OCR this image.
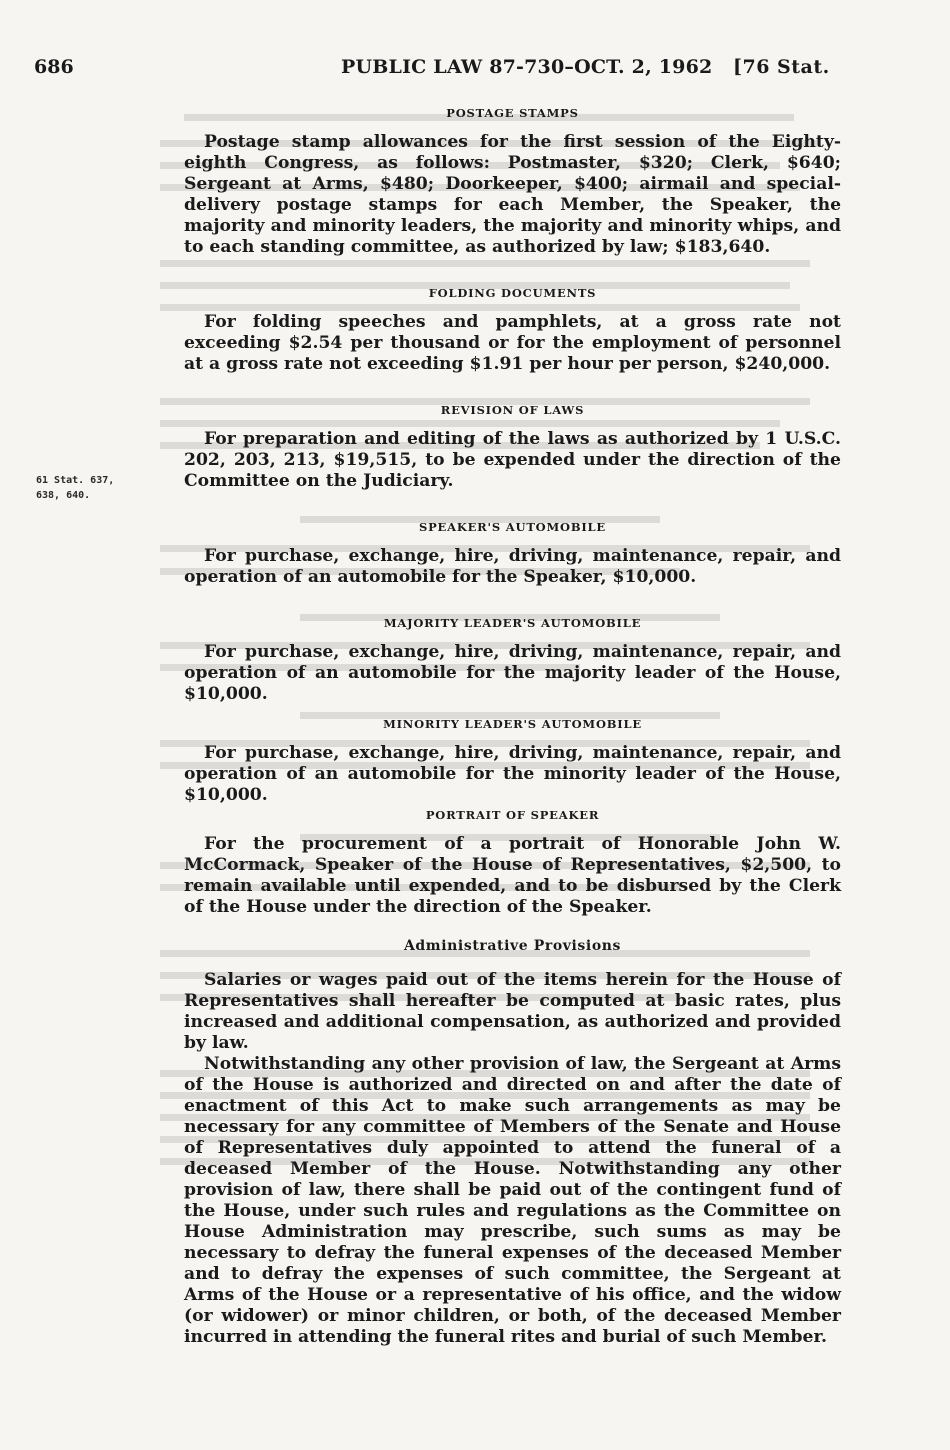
686	PUBLIC LAW 87-730–OCT. 2, 1962 [76 Stat.
61 Stat. 637,
638, 640.
POSTAGE STAMPS

Postage stamp allowances for the first session of the Eighty-eighth Congress, as follows: Postmaster, $320; Clerk, $640; Sergeant at Arms, $480; Doorkeeper, $400; airmail and special-delivery postage stamps for each Member, the Speaker, the majority and minority leaders, the majority and minority whips, and to each standing committee, as authorized by law; $183,640.

FOLDING DOCUMENTS

For folding speeches and pamphlets, at a gross rate not exceeding $2.54 per thousand or for the employment of personnel at a gross rate not exceeding $1.91 per hour per person, $240,000.

REVISION OF LAWS

For preparation and editing of the laws as authorized by 1 U.S.C. 202, 203, 213, $19,515, to be expended under the direction of the Committee on the Judiciary.

SPEAKER'S AUTOMOBILE

For purchase, exchange, hire, driving, maintenance, repair, and operation of an automobile for the Speaker, $10,000.

MAJORITY LEADER'S AUTOMOBILE

For purchase, exchange, hire, driving, maintenance, repair, and operation of an automobile for the majority leader of the House, $10,000.

MINORITY LEADER'S AUTOMOBILE

For purchase, exchange, hire, driving, maintenance, repair, and operation of an automobile for the minority leader of the House, $10,000.

PORTRAIT OF SPEAKER

For the procurement of a portrait of Honorable John W. McCormack, Speaker of the House of Representatives, $2,500, to remain available until expended, and to be disbursed by the Clerk of the House under the direction of the Speaker.

Administrative Provisions

Salaries or wages paid out of the items herein for the House of Representatives shall hereafter be computed at basic rates, plus increased and additional compensation, as authorized and provided by law.

Notwithstanding any other provision of law, the Sergeant at Arms of the House is authorized and directed on and after the date of enactment of this Act to make such arrangements as may be necessary for any committee of Members of the Senate and House of Representatives duly appointed to attend the funeral of a deceased Member of the House. Notwithstanding any other provision of law, there shall be paid out of the contingent fund of the House, under such rules and regulations as the Committee on House Administration may prescribe, such sums as may be necessary to defray the funeral expenses of the deceased Member and to defray the expenses of such committee, the Sergeant at Arms of the House or a representative of his office, and the widow (or widower) or minor children, or both, of the deceased Member incurred in attending the funeral rites and burial of such Member.
